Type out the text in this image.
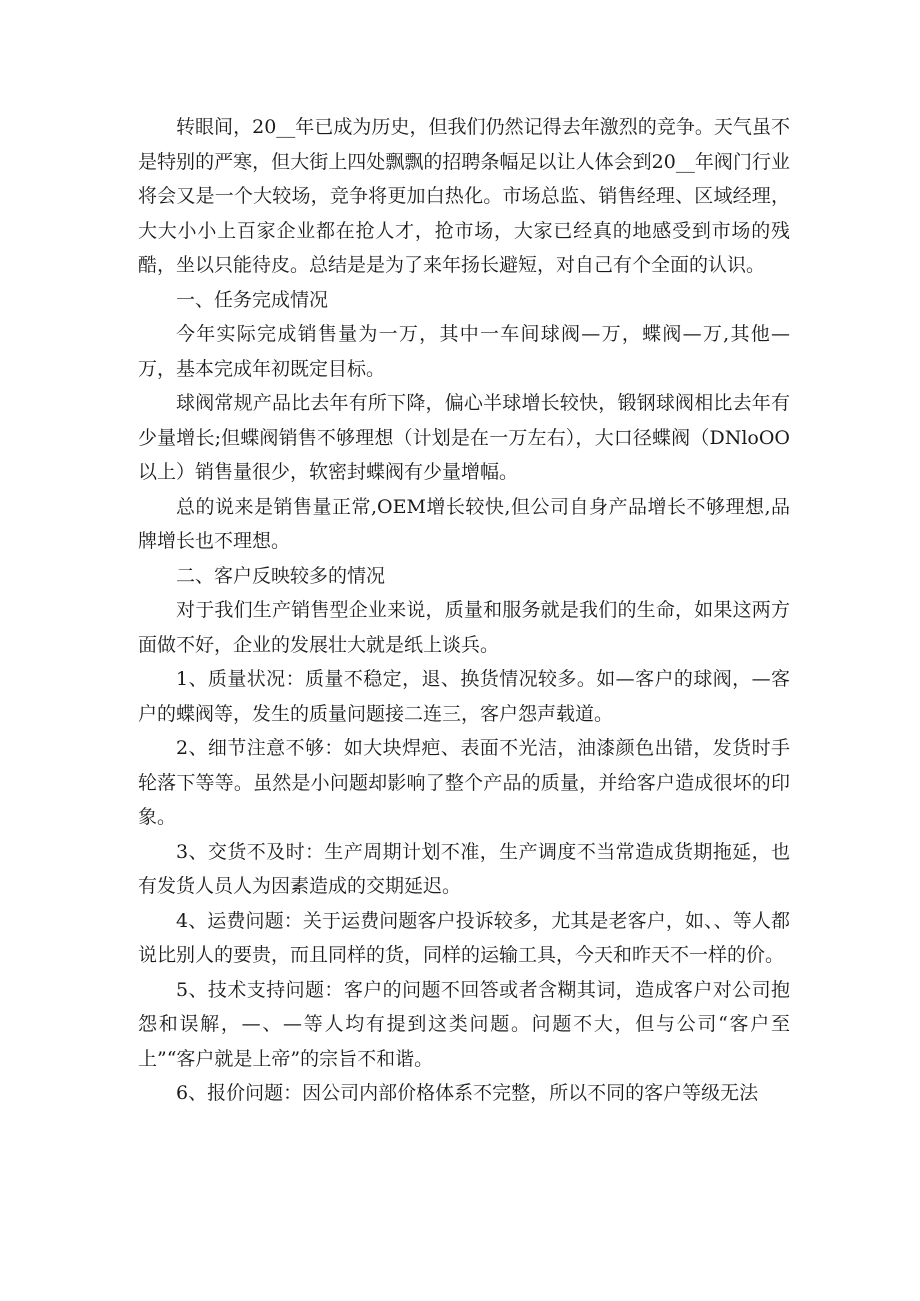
转眼间，20__年已成为历史，但我们仍然记得去年激烈的竞争。天气虽不是特别的严寒，但大街上四处飘飘的招聘条幅足以让人体会到20__年阀门行业将会又是一个大较场，竞争将更加白热化。市场总监、销售经理、区域经理，大大小小上百家企业都在抢人才，抢市场，大家已经真的地感受到市场的残酷，坐以只能待皮。总结是是为了来年扬长避短，对自己有个全面的认识。

一、任务完成情况

今年实际完成销售量为一万，其中一车间球阀—万，蝶阀—万,其他—万，基本完成年初既定目标。

球阀常规产品比去年有所下降，偏心半球增长较快，锻钢球阀相比去年有少量增长;但蝶阀销售不够理想（计划是在一万左右），大口径蝶阀（DNloOO以上）销售量很少，软密封蝶阀有少量增幅。

总的说来是销售量正常,OEM增长较快,但公司自身产品增长不够理想,品牌增长也不理想。

二、客户反映较多的情况

对于我们生产销售型企业来说，质量和服务就是我们的生命，如果这两方面做不好，企业的发展壮大就是纸上谈兵。

1、质量状况：质量不稳定，退、换货情况较多。如—客户的球阀，—客户的蝶阀等，发生的质量问题接二连三，客户怨声载道。

2、细节注意不够：如大块焊疤、表面不光洁，油漆颜色出错，发货时手轮落下等等。虽然是小问题却影响了整个产品的质量，并给客户造成很坏的印象。

3、交货不及时：生产周期计划不准，生产调度不当常造成货期拖延，也有发货人员人为因素造成的交期延迟。

4、运费问题：关于运费问题客户投诉较多，尤其是老客户，如、、等人都说比别人的要贵，而且同样的货，同样的运输工具，今天和昨天不一样的价。

5、技术支持问题：客户的问题不回答或者含糊其词，造成客户对公司抱怨和误解，—、—等人均有提到这类问题。问题不大，但与公司“客户至上”“客户就是上帝”的宗旨不和谐。

6、报价问题：因公司内部价格体系不完整，所以不同的客户等级无法
